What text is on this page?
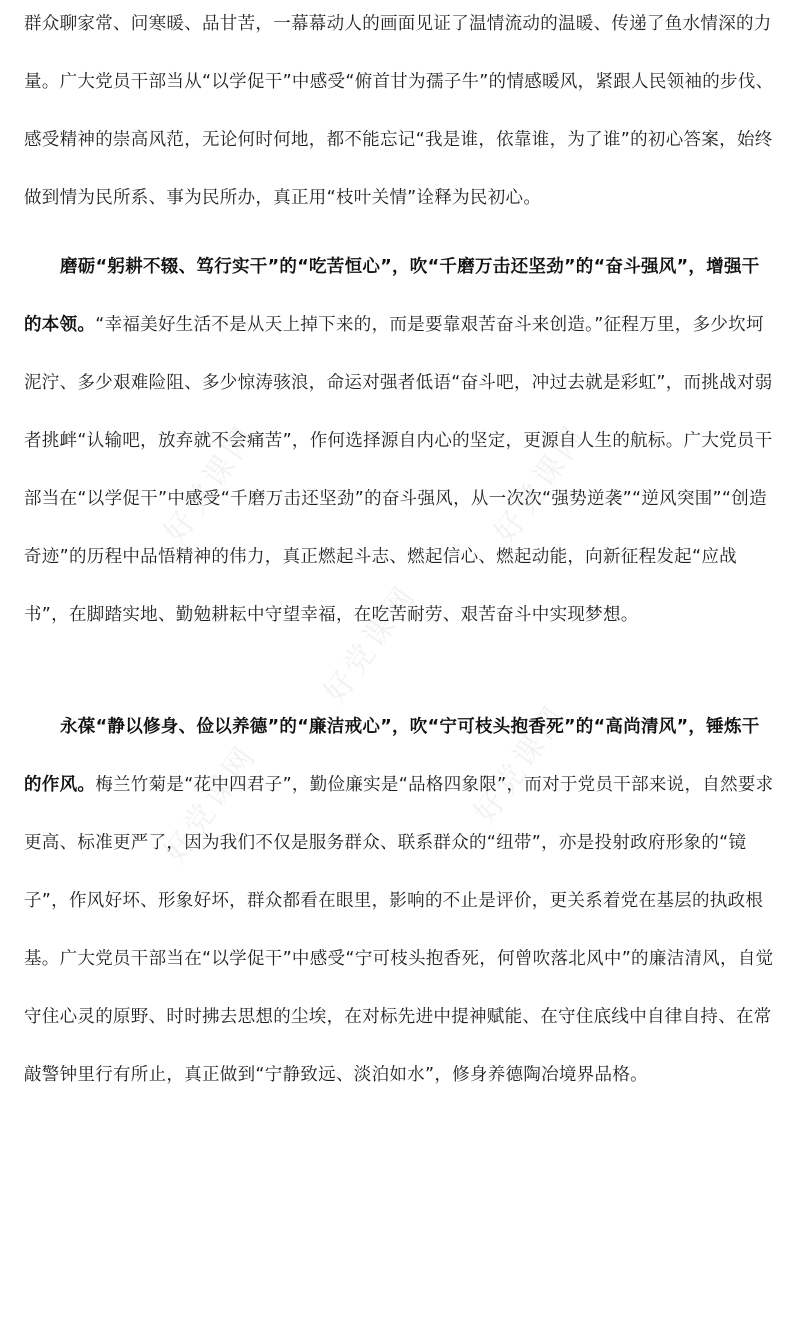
好党课网	好党课网
好党课网
好党课网	好党课网

群众聊家常、问寒暖、品甘苦，一幕幕动人的画面见证了温情流动的温暖、传递了鱼水情深的力量。广大党员干部当从“以学促干”中感受“俯首甘为孺子牛”的情感暖风，紧跟人民领袖的步伐、感受精神的崇高风范，无论何时何地，都不能忘记“我是谁，依靠谁，为了谁”的初心答案，始终做到情为民所系、事为民所办，真正用“枝叶关情”诠释为民初心。

磨砺“躬耕不辍、笃行实干”的“吃苦恒心”，吹“千磨万击还坚劲”的“奋斗强风”，增强干的本领。“幸福美好生活不是从天上掉下来的，而是要靠艰苦奋斗来创造。”征程万里，多少坎坷泥泞、多少艰难险阻、多少惊涛骇浪，命运对强者低语“奋斗吧，冲过去就是彩虹”，而挑战对弱者挑衅“认输吧，放弃就不会痛苦”，作何选择源自内心的坚定，更源自人生的航标。广大党员干部当在“以学促干”中感受“千磨万击还坚劲”的奋斗强风，从一次次“强势逆袭”“逆风突围”“创造奇迹”的历程中品悟精神的伟力，真正燃起斗志、燃起信心、燃起动能，向新征程发起“应战书”，在脚踏实地、勤勉耕耘中守望幸福，在吃苦耐劳、艰苦奋斗中实现梦想。

永葆“静以修身、俭以养德”的“廉洁戒心”，吹“宁可枝头抱香死”的“高尚清风”，锤炼干的作风。梅兰竹菊是“花中四君子”，勤俭廉实是“品格四象限”，而对于党员干部来说，自然要求更高、标准更严了，因为我们不仅是服务群众、联系群众的“纽带”，亦是投射政府形象的“镜子”，作风好坏、形象好坏，群众都看在眼里，影响的不止是评价，更关系着党在基层的执政根基。广大党员干部当在“以学促干”中感受“宁可枝头抱香死，何曾吹落北风中”的廉洁清风，自觉守住心灵的原野、时时拂去思想的尘埃，在对标先进中提神赋能、在守住底线中自律自持、在常敲警钟里行有所止，真正做到“宁静致远、淡泊如水”，修身养德陶冶境界品格。
